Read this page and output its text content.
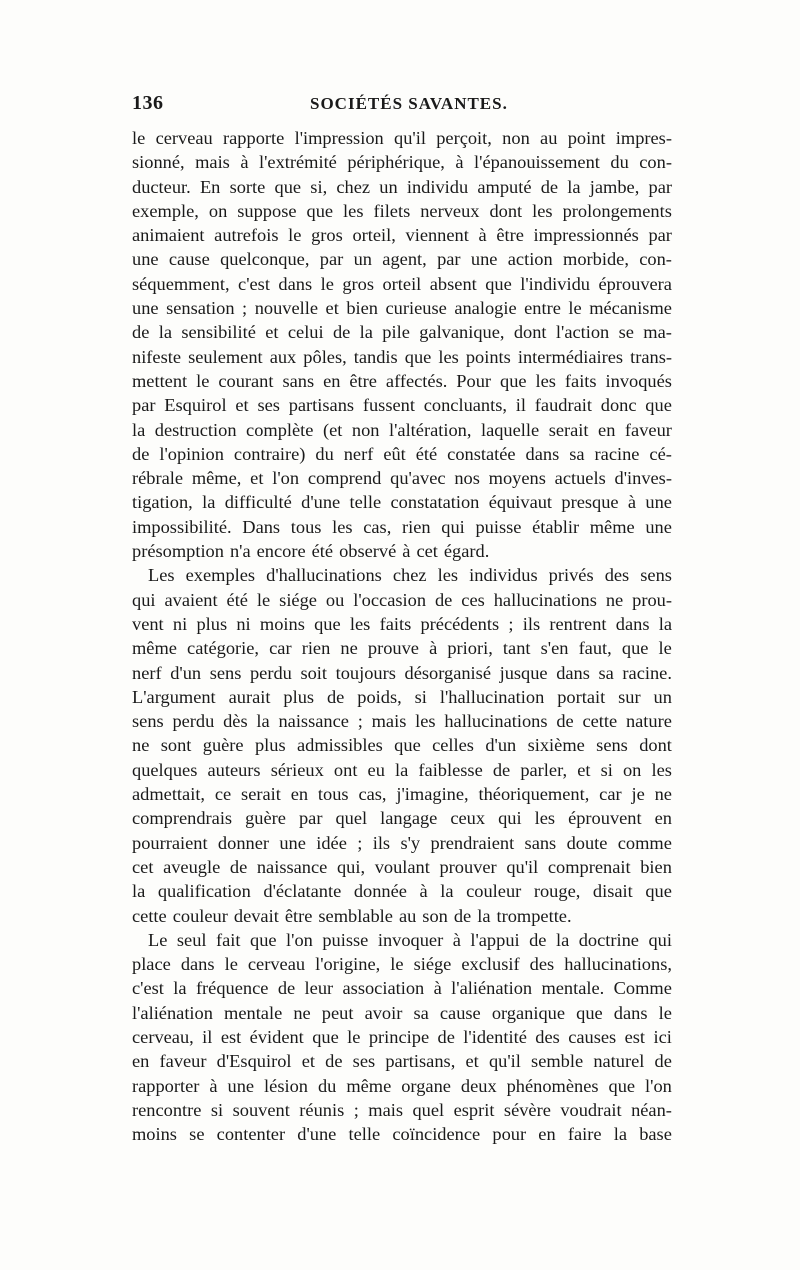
136	SOCIÉTÉS SAVANTES.
le cerveau rapporte l'impression qu'il perçoit, non au point impres-
sionné, mais à l'extrémité périphérique, à l'épanouissement du con-
ducteur. En sorte que si, chez un individu amputé de la jambe, par
exemple, on suppose que les filets nerveux dont les prolongements
animaient autrefois le gros orteil, viennent à être impressionnés par
une cause quelconque, par un agent, par une action morbide, con-
séquemment, c'est dans le gros orteil absent que l'individu éprouvera
une sensation ; nouvelle et bien curieuse analogie entre le mécanisme
de la sensibilité et celui de la pile galvanique, dont l'action se ma-
nifeste seulement aux pôles, tandis que les points intermédiaires trans-
mettent le courant sans en être affectés. Pour que les faits invoqués
par Esquirol et ses partisans fussent concluants, il faudrait donc que
la destruction complète (et non l'altération, laquelle serait en faveur
de l'opinion contraire) du nerf eût été constatée dans sa racine cé-
rébrale même, et l'on comprend qu'avec nos moyens actuels d'inves-
tigation, la difficulté d'une telle constatation équivaut presque à une
impossibilité. Dans tous les cas, rien qui puisse établir même une
présomption n'a encore été observé à cet égard.
Les exemples d'hallucinations chez les individus privés des sens
qui avaient été le siége ou l'occasion de ces hallucinations ne prou-
vent ni plus ni moins que les faits précédents ; ils rentrent dans la
même catégorie, car rien ne prouve à priori, tant s'en faut, que le
nerf d'un sens perdu soit toujours désorganisé jusque dans sa racine.
L'argument aurait plus de poids, si l'hallucination portait sur un
sens perdu dès la naissance ; mais les hallucinations de cette nature
ne sont guère plus admissibles que celles d'un sixième sens dont
quelques auteurs sérieux ont eu la faiblesse de parler, et si on les
admettait, ce serait en tous cas, j'imagine, théoriquement, car je ne
comprendrais guère par quel langage ceux qui les éprouvent en
pourraient donner une idée ; ils s'y prendraient sans doute comme
cet aveugle de naissance qui, voulant prouver qu'il comprenait bien
la qualification d'éclatante donnée à la couleur rouge, disait que
cette couleur devait être semblable au son de la trompette.
Le seul fait que l'on puisse invoquer à l'appui de la doctrine qui
place dans le cerveau l'origine, le siége exclusif des hallucinations,
c'est la fréquence de leur association à l'aliénation mentale. Comme
l'aliénation mentale ne peut avoir sa cause organique que dans le
cerveau, il est évident que le principe de l'identité des causes est ici
en faveur d'Esquirol et de ses partisans, et qu'il semble naturel de
rapporter à une lésion du même organe deux phénomènes que l'on
rencontre si souvent réunis ; mais quel esprit sévère voudrait néan-
moins se contenter d'une telle coïncidence pour en faire la base
